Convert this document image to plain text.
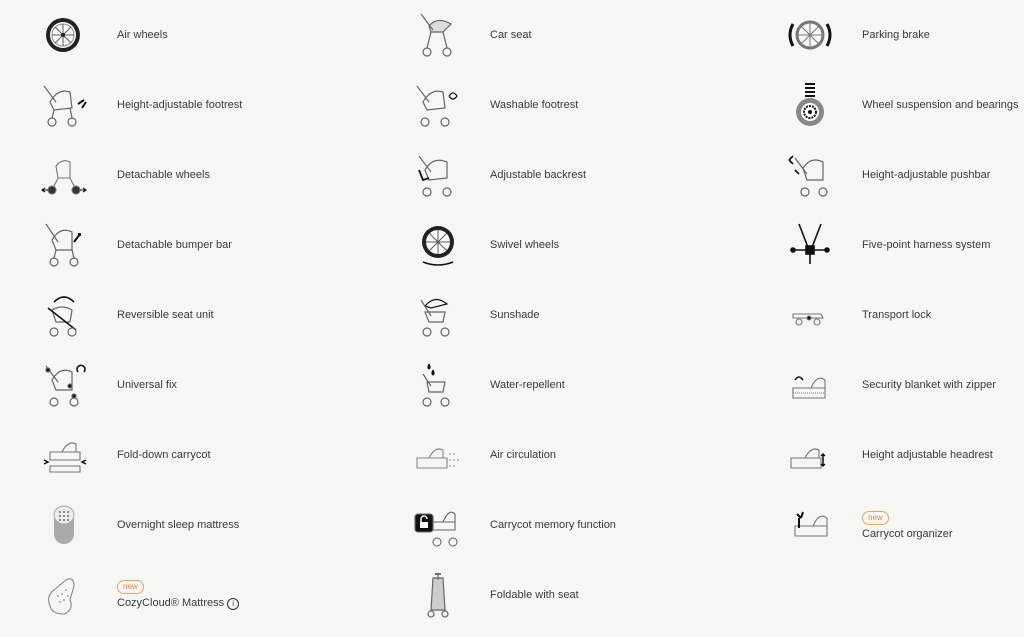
Air wheels
Height-adjustable footrest
Detachable wheels
Detachable bumper bar
Reversible seat unit
Universal fix
Fold-down carrycot
Overnight sleep mattress
new
CozyCloud® Mattress i
Car seat
Washable footrest
Adjustable backrest
Swivel wheels
Sunshade
Water-repellent
Air circulation
Carrycot memory function
Foldable with seat
Parking brake
Wheel suspension and bearings
Height-adjustable pushbar
Five-point harness system
Transport lock
Security blanket with zipper
Height adjustable headrest
new
Carrycot organizer
